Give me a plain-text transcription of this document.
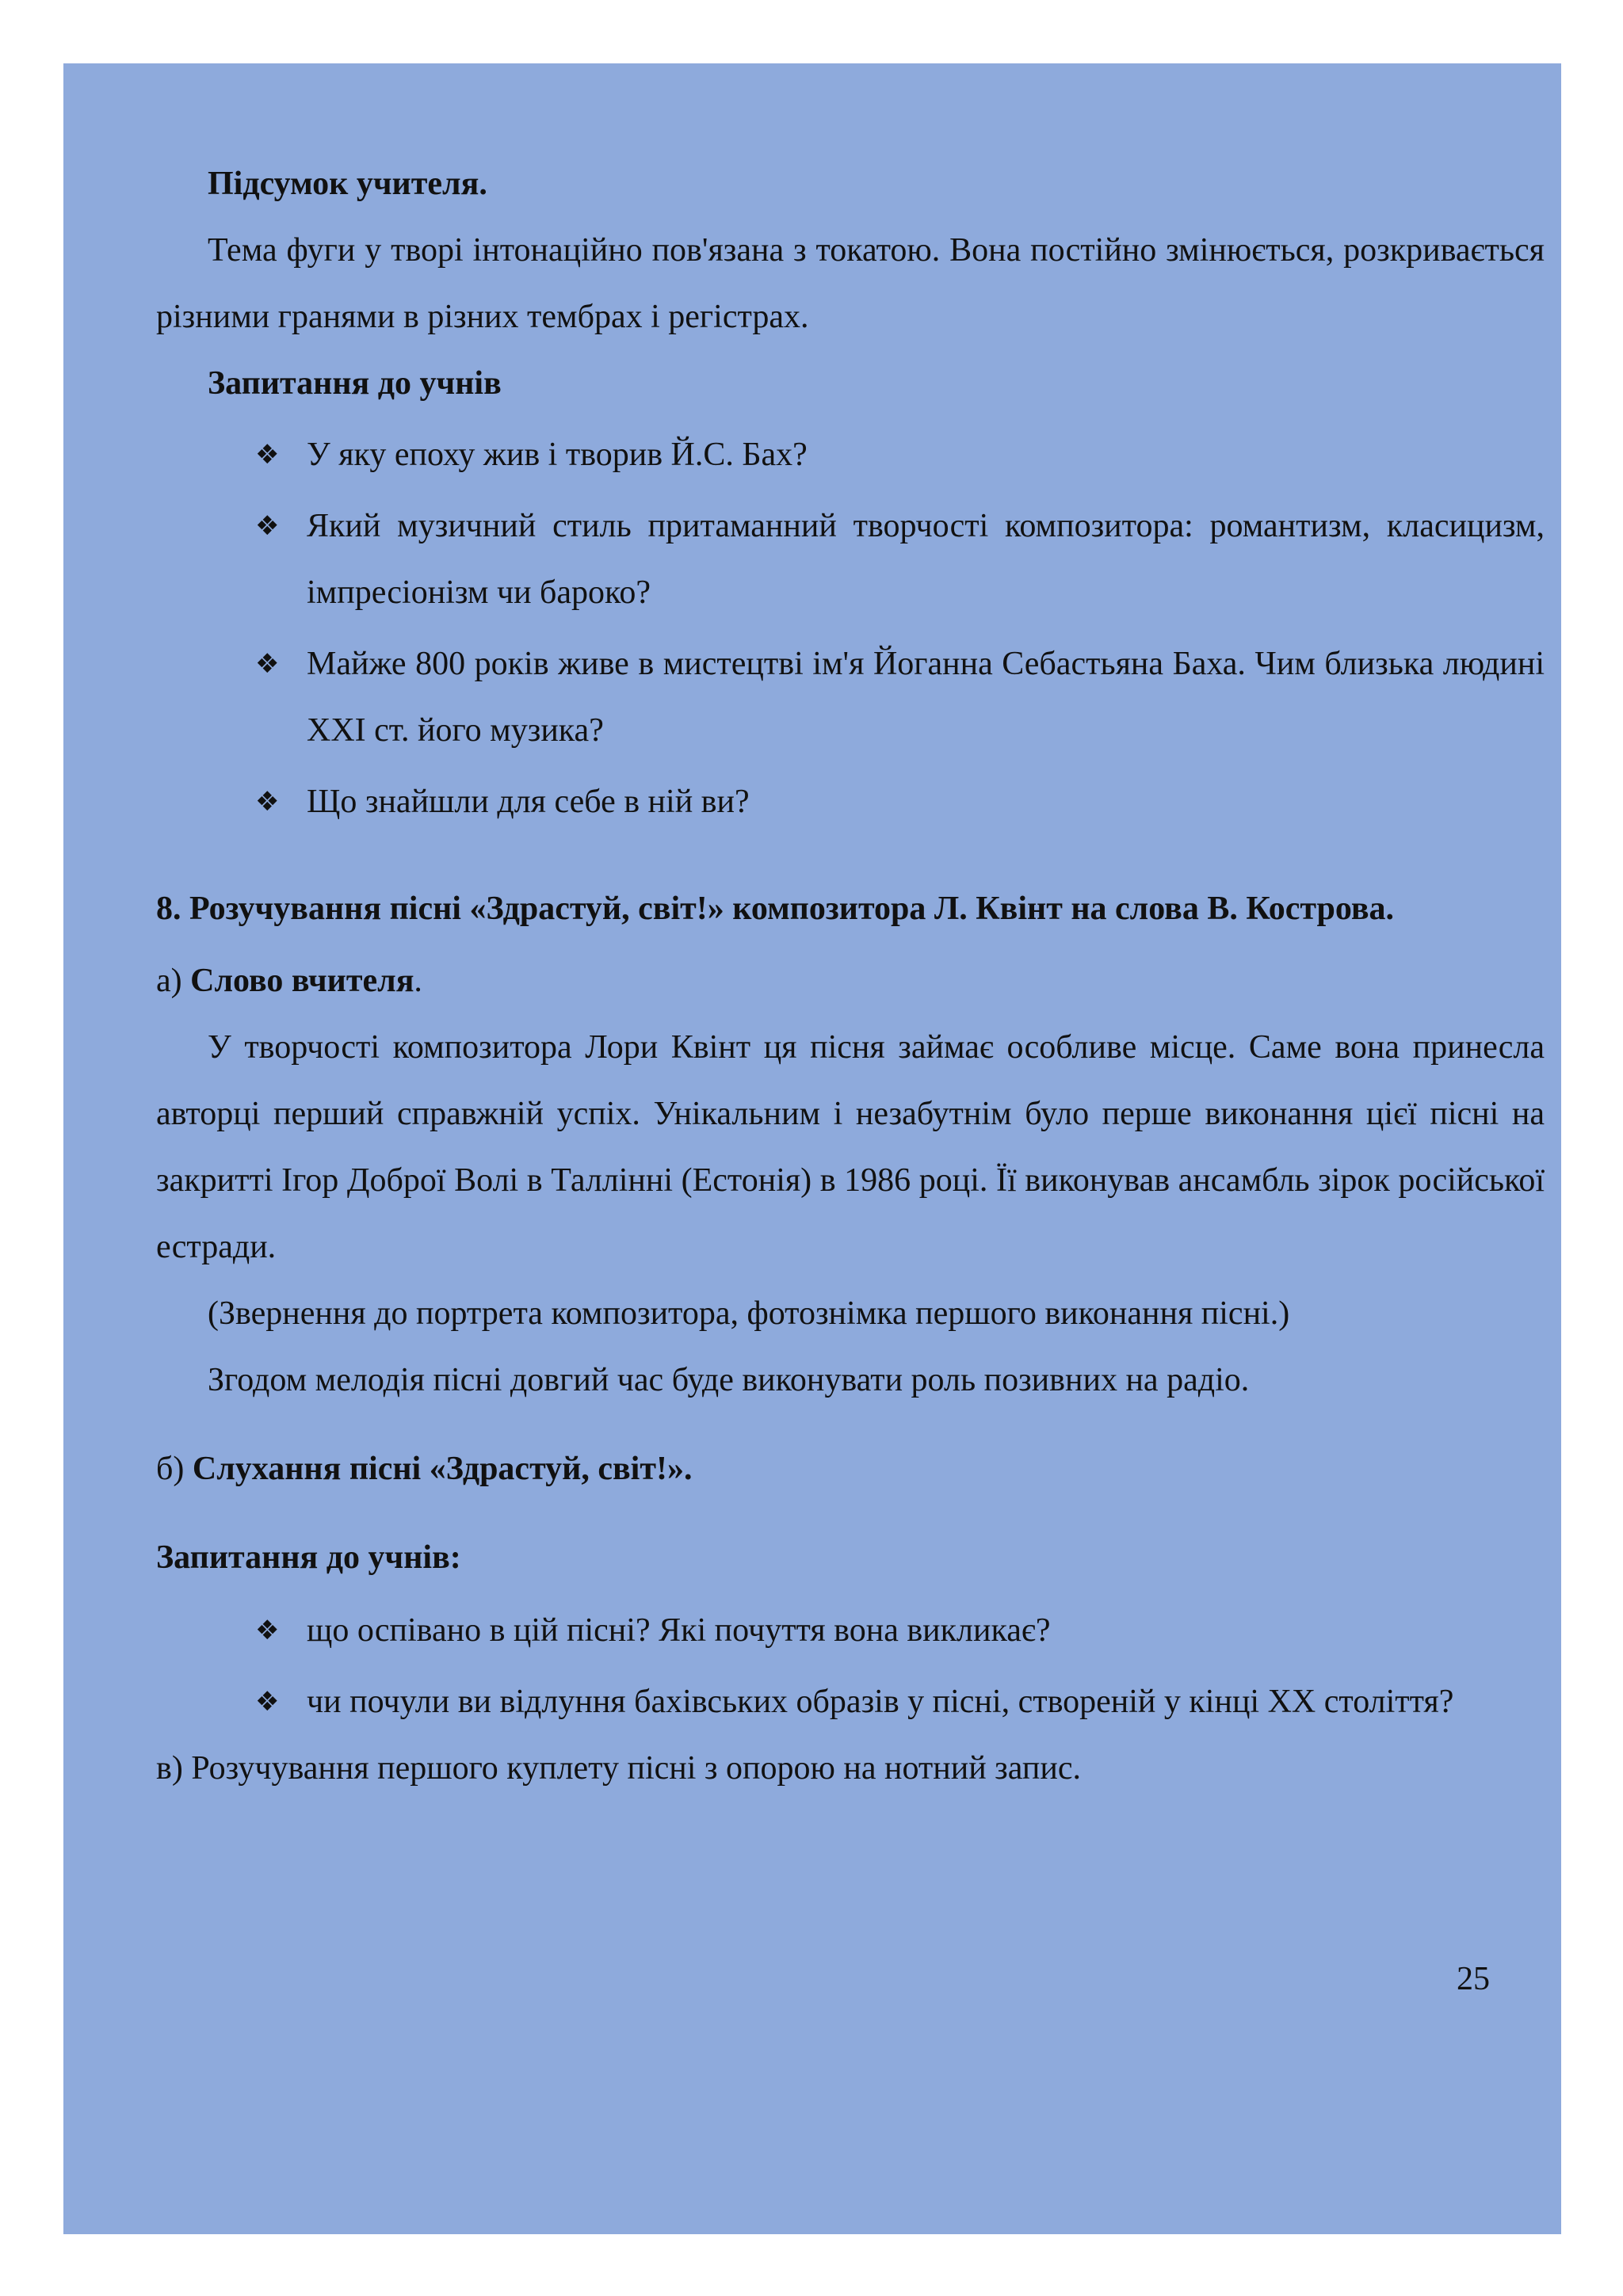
Підсумок учителя.

Тема фуги у творі інтонаційно пов'язана з токатою. Вона постійно змінюється, розкривається різними гранями в різних тембрах і регістрах.

Запитання до учнів

❖ У яку епоху жив і творив Й.С. Бах?

❖ Який музичний стиль притаманний творчості композитора: романтизм, класицизм, імпресіонізм чи бароко?

❖ Майже 800 років живе в мистецтві ім'я Йоганна Себастьяна Баха. Чим близька людині ХХІ ст. його музика?

❖ Що знайшли для себе в ній ви?

8. Розучування пісні «Здрастуй, світ!» композитора Л. Квінт на слова В. Кострова.

а) Слово вчителя.

У творчості композитора Лори Квінт ця пісня займає особливе місце. Саме вона принесла авторці перший справжній успіх. Унікальним і незабутнім було перше виконання цієї пісні на закритті Ігор Доброї Волі в Таллінні (Естонія) в 1986 році. Її виконував ансамбль зірок російської естради.

(Звернення до портрета композитора, фотознімка першого виконання пісні.)

Згодом мелодія пісні довгий час буде виконувати роль позивних на радіо.

б) Слухання пісні «Здрастуй, світ!».

Запитання до учнів:

❖ що оспівано в цій пісні? Які почуття вона викликає?

❖ чи почули ви відлуння бахівських образів у пісні, створеній у кінці ХХ століття?

в) Розучування першого куплету пісні з опорою на нотний запис.

25
